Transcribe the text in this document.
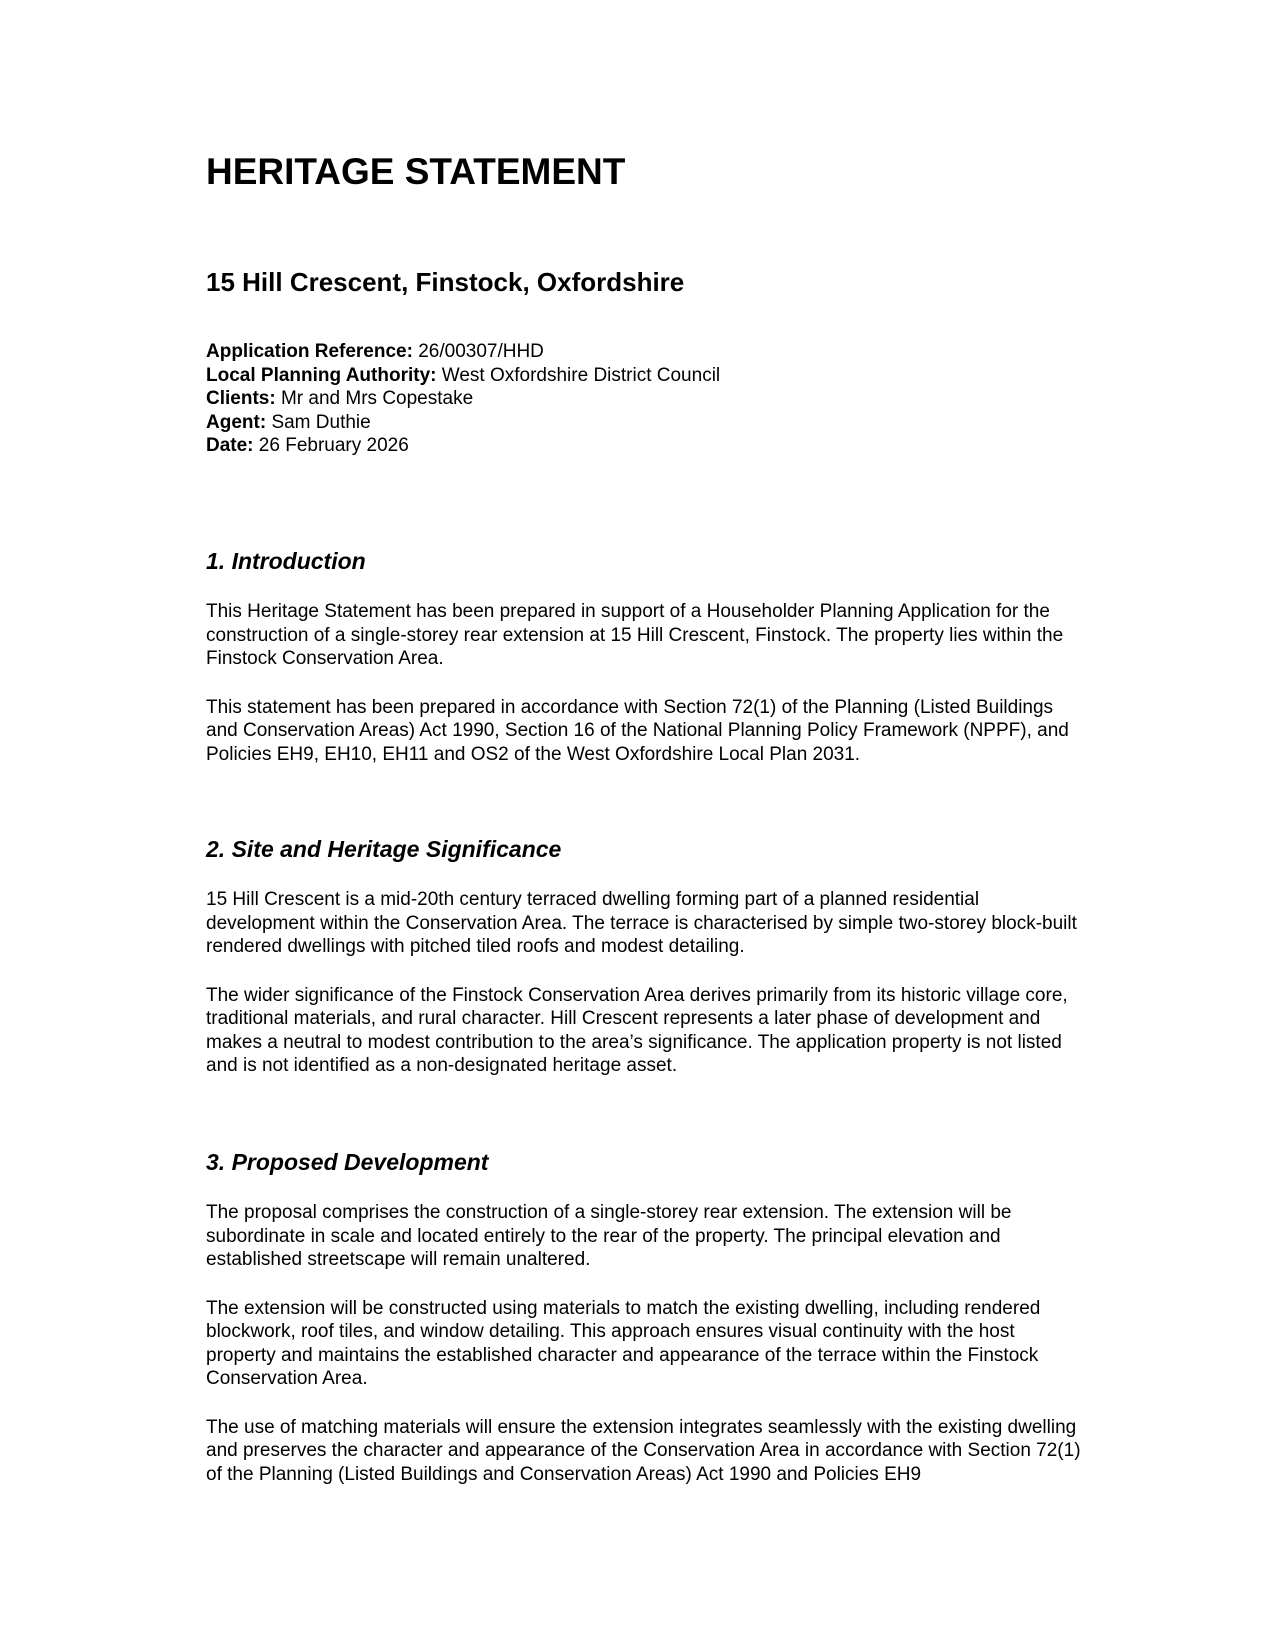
HERITAGE STATEMENT
15 Hill Crescent, Finstock, Oxfordshire
Application Reference: 26/00307/HHD
Local Planning Authority: West Oxfordshire District Council
Clients: Mr and Mrs Copestake
Agent: Sam Duthie
Date: 26 February 2026
1. Introduction

This Heritage Statement has been prepared in support of a Householder Planning Application for the construction of a single-storey rear extension at 15 Hill Crescent, Finstock. The property lies within the Finstock Conservation Area.

This statement has been prepared in accordance with Section 72(1) of the Planning (Listed Buildings and Conservation Areas) Act 1990, Section 16 of the National Planning Policy Framework (NPPF), and Policies EH9, EH10, EH11 and OS2 of the West Oxfordshire Local Plan 2031.

2. Site and Heritage Significance

15 Hill Crescent is a mid-20th century terraced dwelling forming part of a planned residential development within the Conservation Area. The terrace is characterised by simple two-storey block-built rendered dwellings with pitched tiled roofs and modest detailing.

The wider significance of the Finstock Conservation Area derives primarily from its historic village core, traditional materials, and rural character. Hill Crescent represents a later phase of development and makes a neutral to modest contribution to the area’s significance. The application property is not listed and is not identified as a non-designated heritage asset.

3. Proposed Development

The proposal comprises the construction of a single-storey rear extension. The extension will be subordinate in scale and located entirely to the rear of the property. The principal elevation and established streetscape will remain unaltered.

The extension will be constructed using materials to match the existing dwelling, including rendered blockwork, roof tiles, and window detailing. This approach ensures visual continuity with the host property and maintains the established character and appearance of the terrace within the Finstock Conservation Area.

The use of matching materials will ensure the extension integrates seamlessly with the existing dwelling and preserves the character and appearance of the Conservation Area in accordance with Section 72(1) of the Planning (Listed Buildings and Conservation Areas) Act 1990 and Policies EH9
